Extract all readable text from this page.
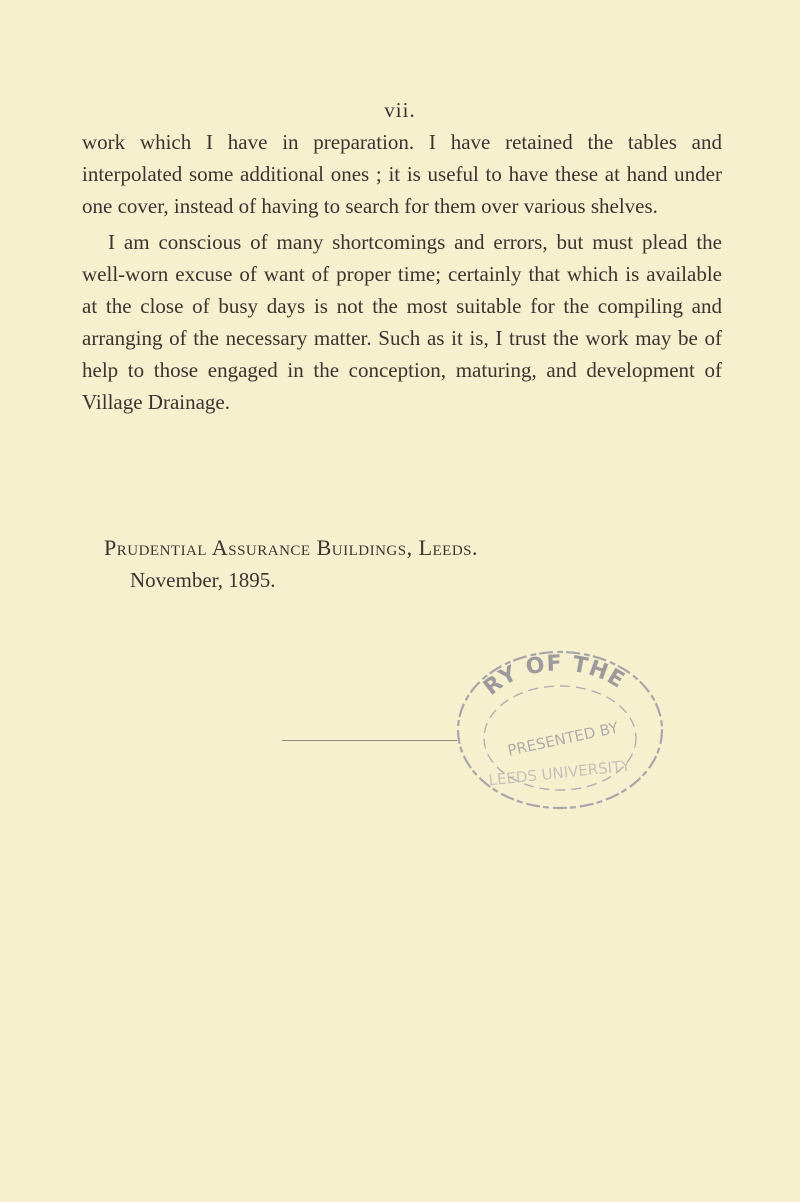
vii.

work which I have in preparation. I have retained the tables and interpolated some additional ones ; it is useful to have these at hand under one cover, instead of having to search for them over various shelves.

I am conscious of many shortcomings and errors, but must plead the well-worn excuse of want of proper time; certainly that which is available at the close of busy days is not the most suitable for the compiling and arranging of the necessary matter. Such as it is, I trust the work may be of help to those engaged in the conception, maturing, and development of Village Drainage.

Prudential Assurance Buildings, Leeds.
November, 1895.
RY OF THE
PRESENTED BY
LEEDS UNIVERSITY
